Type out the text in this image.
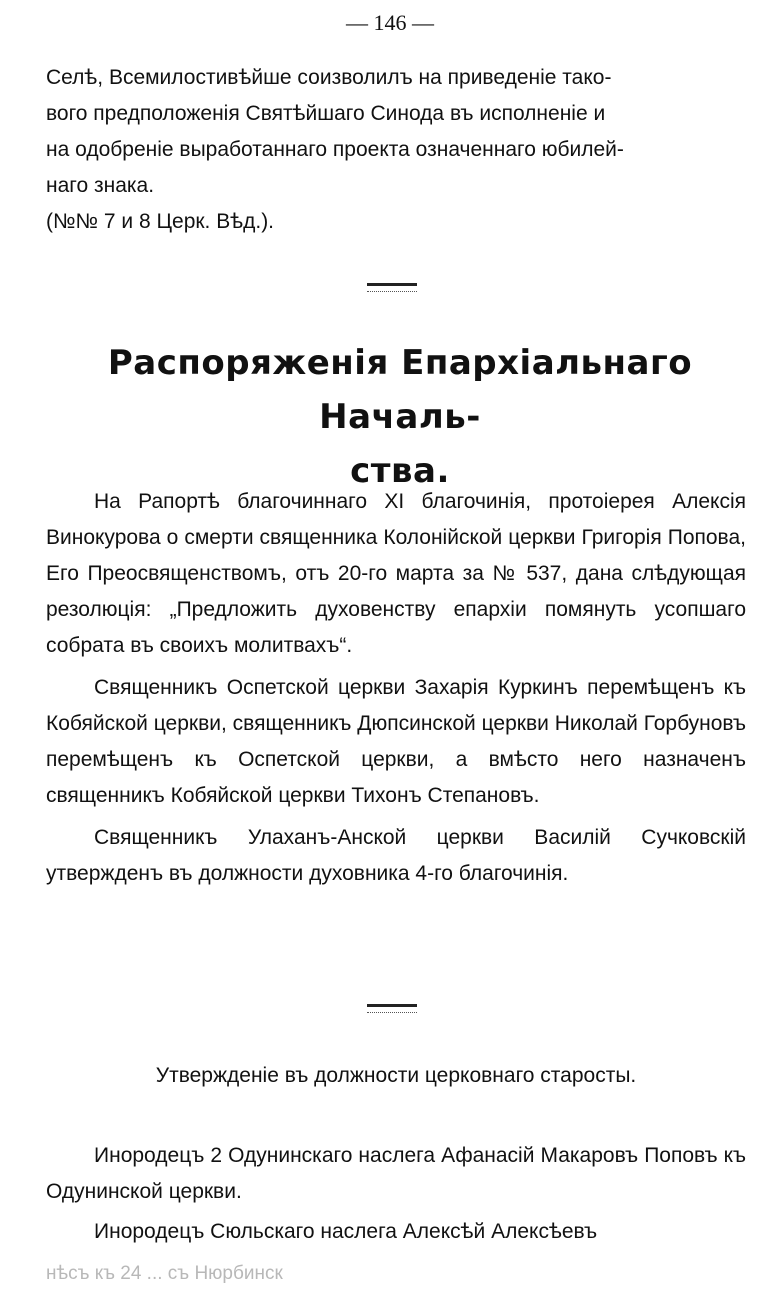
— 146 —

Селѣ, Всемилостивѣйше соизволилъ на приведеніе тако-

вого предположенія Святѣйшаго Синода въ исполненіе и

на одобреніе выработаннаго проекта означеннаго юбилей-

наго знака.

(№№ 7 и 8 Церк. Вѣд.).

Распоряженія Епархіальнаго Началь-
ства.

На Рапортѣ благочиннаго XI благочинія, протоіерея Алексія Винокурова о смерти священника Колонійской церкви Григорія Попова, Его Преосвященствомъ, отъ 20-го марта за № 537, дана слѣдующая резолюція: „Предложить духовенству епархіи помянуть усопшаго собрата въ своихъ молитвахъ“.

Священникъ Оспетской церкви Захарія Куркинъ перемѣщенъ къ Кобяйской церкви, священникъ Дюпсинской церкви Николай Горбуновъ перемѣщенъ къ Оспетской церкви, а вмѣсто него назначенъ священникъ Кобяйской церкви Тихонъ Степановъ.

Священникъ Улаханъ-Анской церкви Василій Сучковскій утвержденъ въ должности духовника 4-го благочинія.

Утвержденіе въ должности церковнаго старосты.

Инородецъ 2 Одунинскаго наслега Афанасій Макаровъ Поповъ къ Одунинской церкви.

Инородецъ Сюльскаго наслега Алексѣй Алексѣевъ

нѣсъ къ 24 ... съ Нюрбинск
